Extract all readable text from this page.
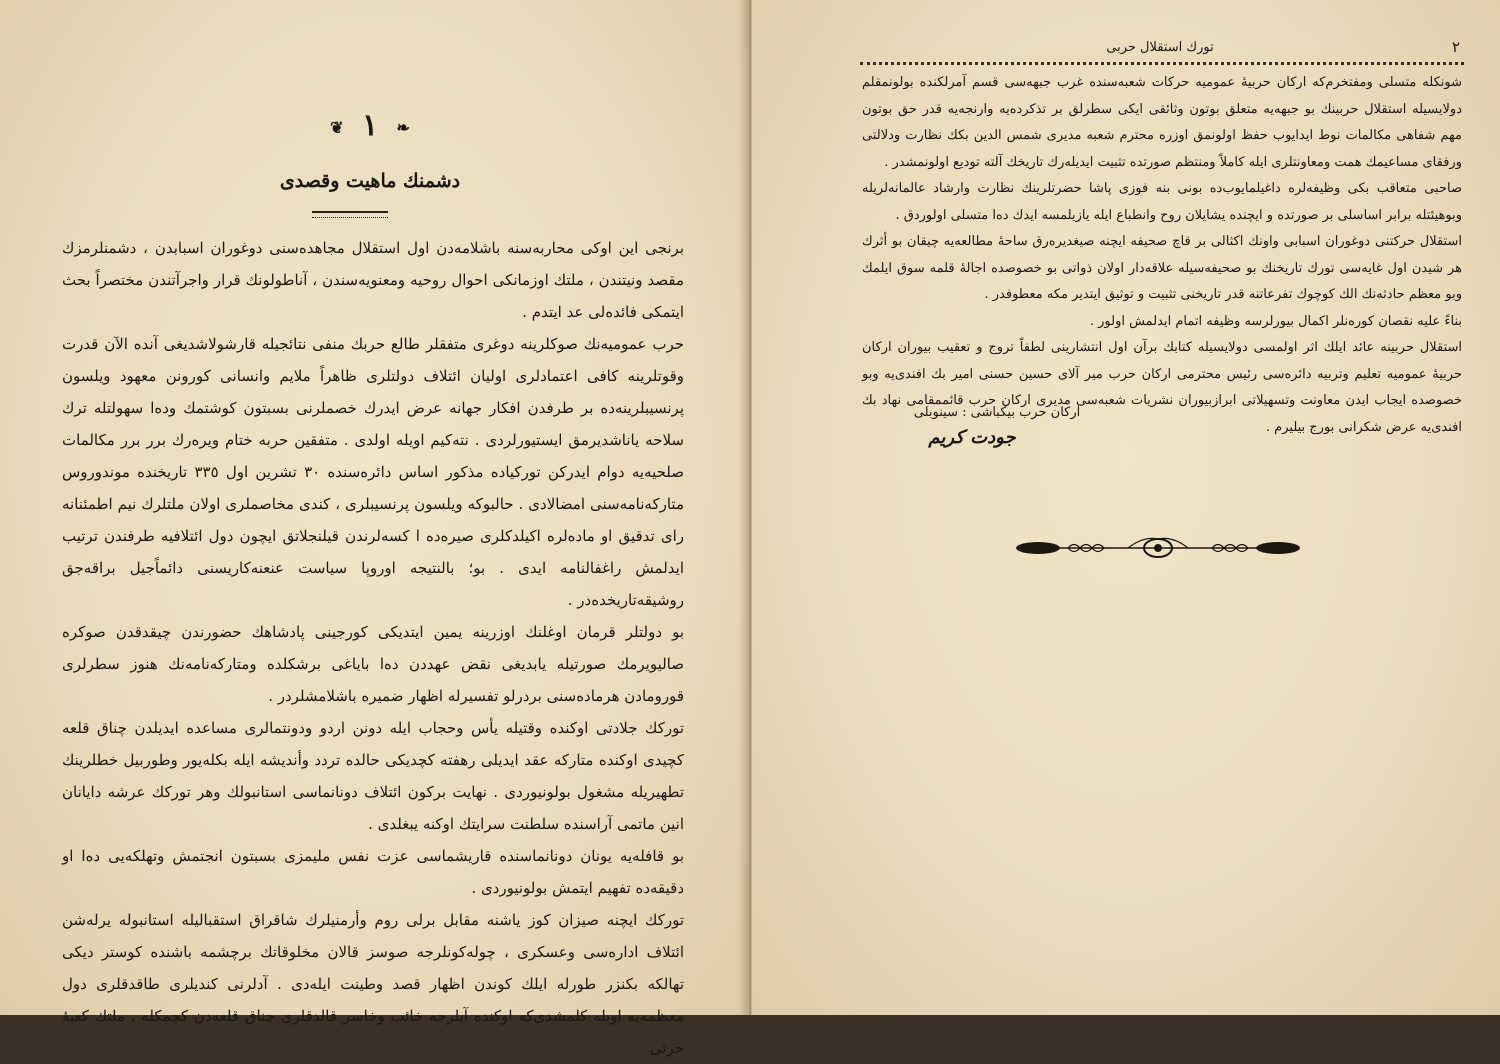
❦ ١ ❧
دشمنك ماهيت وقصدى

برنجى اين اوكى محاربه‌سنه باشلامه‌دن اول استقلال مجاهده‌سنى دوغوران اسبابدن ، دشمنلرمزك مقصد ونيتندن ، ملتك اوزمانكى احوال روحيه ومعنويه‌سندن ، آناطولونك قرار واجرآتندن مختصراً بحث ايتمكى فائده‌لى عد ايتدم .

حرب عموميه‌نك صوكلرينه دوغرى متفقلر طالع حربك منفى نتائجيله قارشولاشديغى آنده الآن قدرت وقوتلرينه كافى اعتمادلرى اوليان ائتلاف دولتلرى ظاهراً ملايم وانسانى كورونن معهود ويلسون پرنسيبلرينه‌ده بر طرفدن افكار جهانه عرض ايدرك خصملرنى بسبتون كوشتمك وده‌ا سهولتله ترك سلاحه ياناشديرمق ايستيورلردى . نته‌كيم اويله اولدى . متفقين حربه ختام ويره‌رك برر برر مكالمات صلحيه‌يه دوام ايدركن توركياده مذكور اساس دائره‌سنده ٣٠ تشرين اول ٣٣٥ تاريخنده موندوروس متاركه‌نامه‌سنى امضالادى . حالبوكه ويلسون پرنسيبلرى ، كندى مخاصملرى اولان ملتلرك نيم اطمئنانه راى تدقيق او ماده‌لره اكيلدكلرى صيره‌ده ا كسه‌لرندن قيلنجلاتق ايچون دول ائتلافيه طرفندن ترتيب ايدلمش راغفالنامه ايدى . بو؛ بالنتيجه اوروپا سياست عنعنه‌كاريسنى دائماً‌جيل براقه‌جق روشيقه‌تاريخده‌در .

بو دولتلر قرمان اوغلنك اوزرينه يمين ايتديكى كورجينى پادشاهك حضورندن چيقدقدن صوكره صاليويرمك صورتيله يابديغى نقض عهددن ده‌ا باياغى برشكلده ومتاركه‌نامه‌نك هنوز سطرلرى قورومادن هرماده‌سنى بردرلو تفسيرله اظهار ضميره باشلامشلردر .

توركك جلادتى اوكنده وقتيله يأس وحجاب ايله دونن اردو ودونتمالرى مساعده ايديلدن چناق قلعه كچيدى اوكنده متاركه عقد ايديلى رهفته كچديكى حالده تردد وأنديشه ايله بكله‌يور وطوربيل خطلرينك تطهيريله مشغول بولونيوردى . نهايت بركون ائتلاف دونانماسى استانبولك وهر توركك عرشه دايانان انين ماتمى آراسنده سلطنت سرايتك اوكنه يبغلدى .

بو قافله‌يه يونان دونانماسنده قاريشماسى عزت نفس مليمزى بسبتون انجتمش وتهلكه‌يى ده‌ا او دقيقه‌ده تفهيم ايتمش بولونيوردى .

توركك ايچنه صيزان كوز ياشنه مقابل برلى روم وأرمنيلرك شاقراق استقباليله استانبوله يرله‌شن ائتلاف اداره‌سى وعسكرى ، چوله‌كونلرجه صوسز قالان مخلوقاتك برچشمه باشنده كوستر ديكى تهالكه بكنزر طورله ايلك كوندن اظهار قصد وطينت ايله‌دى . آدلرنى كنديلرى طاقدقلرى دول معظمه‌يه اوبله كلمشدى‌كه اوكنده آيلرجه خائب وخاسر قالدقلرى چناق قلعه‌دن كچمكله ، ملتك كعبهٔ حرثى

تورك استقلال حربى	٢

شونكله متسلى ومفتخرم‌كه اركان حربيهٔ عموميه حركات شعبه‌سنده غرب جبهه‌سى قسم آمرلكنده بولونمقلم دولايسيله استقلال حربينك بو جبهه‌يه متعلق بوتون وثائقى ايكى سطرلق بر تذكرده‌يه وارنجه‌يه قدر حق بوتون مهم شفاهى مكالمات نوط ايدايوب حفظ اولونمق اوزره محترم شعبه مديرى شمس الدين بكك نظارت ودلالتى ورفقاى مساعيمك همت ومعاونتلرى ايله كاملاً ومنتظم صورتده تثبيت ايديله‌رك تاريخك آلته توديع اولونمشدر .

صاحبى متعاقب بكى وظيفه‌لره داغيلمايوب‌ده بونى بنه فوزى پاشا حضرتلرينك نظارت وارشاد عالمانه‌لريله وبوهيئتله برابر اساسلى بر صورتده و ايچنده يشايلان روح وانطباع ايله يازيلمسه ايدك ده‌ا متسلى اولوردق .

استقلال حركتنى دوغوران اسبابى واونك اكثالى بر قاچ صحيفه ايچنه صيغديره‌رق ساحهٔ مطالعه‌يه چيقان بو أثرك هر شيدن اول غايه‌سى تورك تاريخنك بو صحيفه‌سيله علاقه‌دار اولان ذواتى بو خصوصده اجالهٔ قلمه سوق ايلمك وبو معظم حادثه‌نك الك كوچوك تفرعاتنه قدر تاريخنى تثبيت و توثيق ايتدير مكه معطوفدر .

بناءً عليه نقصان كوره‌نلر اكمال بيورلرسه وظيفه اتمام ايدلمش اولور .

استقلال حربينه عائد ايلك اثر اولمسى دولايسيله كتابك برآن اول انتشارينى لطفاً تروج و تعقيب بيوران اركان حربيهٔ عموميه تعليم وتربيه دائره‌سى رئيس محترمى اركان حرب مير آلاى حسين حسنى امير بك افندى‌يه وبو خصوصده ايجاب ايدن معاونت وتسهيلاتى ابرازبيوران نشريات شعبه‌سى مديرى اركان حرب قائممقامى نهاد بك افندى‌يه عرض شكرانى بورج بيليرم .

اركان حرب بيكباشى : سينوبلى
جودت كريم
